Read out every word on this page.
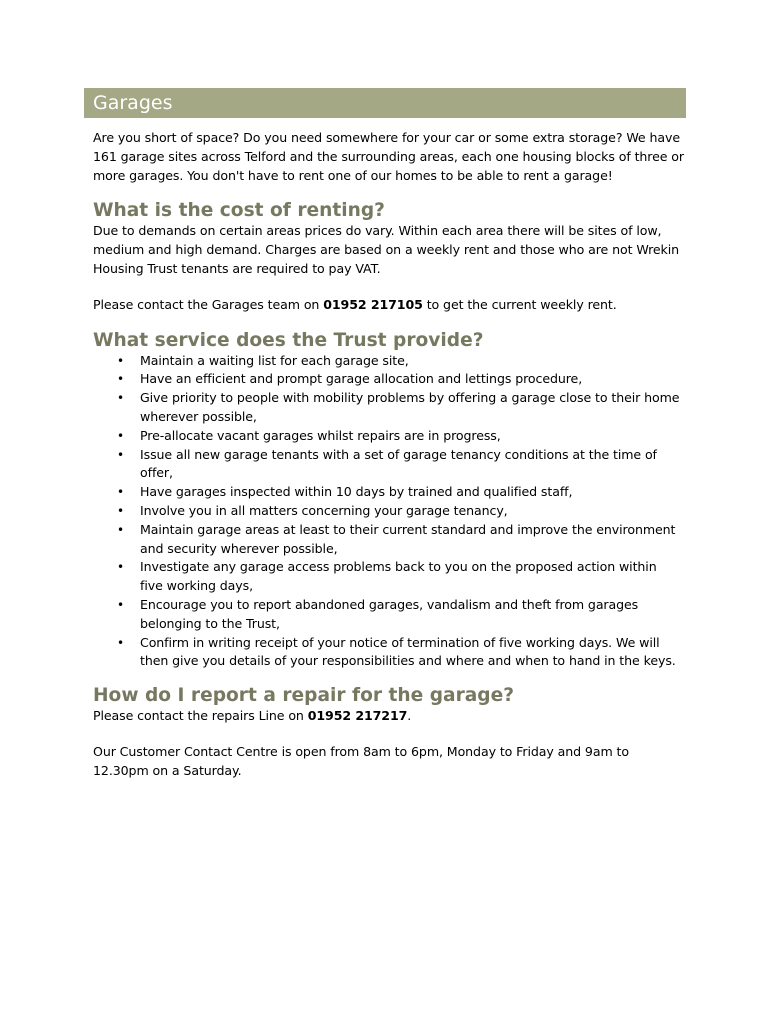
Garages

Are you short of space? Do you need somewhere for your car or some extra storage? We have 161 garage sites across Telford and the surrounding areas, each one housing blocks of three or more garages. You don't have to rent one of our homes to be able to rent a garage!

What is the cost of renting?

Due to demands on certain areas prices do vary. Within each area there will be sites of low, medium and high demand. Charges are based on a weekly rent and those who are not Wrekin Housing Trust tenants are required to pay VAT.

Please contact the Garages team on 01952 217105 to get the current weekly rent.

What service does the Trust provide?
• Maintain a waiting list for each garage site,
• Have an efficient and prompt garage allocation and lettings procedure,
• Give priority to people with mobility problems by offering a garage close to their home wherever possible,
• Pre-allocate vacant garages whilst repairs are in progress,
• Issue all new garage tenants with a set of garage tenancy conditions at the time of offer,
• Have garages inspected within 10 days by trained and qualified staff,
• Involve you in all matters concerning your garage tenancy,
• Maintain garage areas at least to their current standard and improve the environment and security wherever possible,
• Investigate any garage access problems back to you on the proposed action within five working days,
• Encourage you to report abandoned garages, vandalism and theft from garages belonging to the Trust,
• Confirm in writing receipt of your notice of termination of five working days. We will then give you details of your responsibilities and where and when to hand in the keys.
How do I report a repair for the garage?

Please contact the repairs Line on 01952 217217.

Our Customer Contact Centre is open from 8am to 6pm, Monday to Friday and 9am to 12.30pm on a Saturday.
